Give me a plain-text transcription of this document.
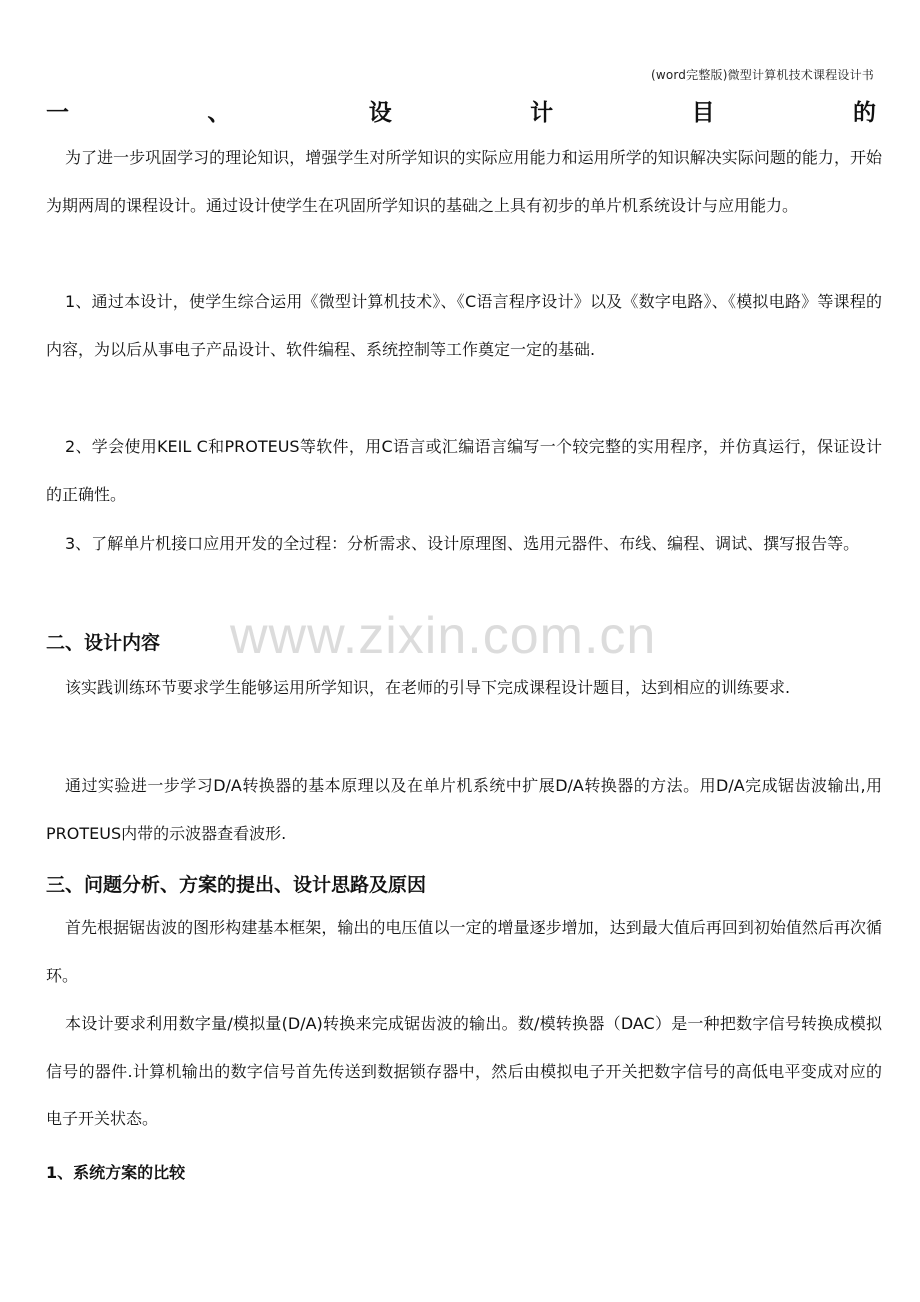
(word完整版)微型计算机技术课程设计书
一	、	设	计	目	的

为了进一步巩固学习的理论知识，增强学生对所学知识的实际应用能力和运用所学的知识解决实际问题的能力，开始为期两周的课程设计。通过设计使学生在巩固所学知识的基础之上具有初步的单片机系统设计与应用能力。

1、通过本设计，使学生综合运用《微型计算机技术》、《C语言程序设计》以及《数字电路》、《模拟电路》等课程的内容，为以后从事电子产品设计、软件编程、系统控制等工作奠定一定的基础.

2、学会使用KEIL C和PROTEUS等软件，用C语言或汇编语言编写一个较完整的实用程序，并仿真运行，保证设计的正确性。

3、了解单片机接口应用开发的全过程：分析需求、设计原理图、选用元器件、布线、编程、调试、撰写报告等。

www.zixin.com.cn
二、设计内容

该实践训练环节要求学生能够运用所学知识，在老师的引导下完成课程设计题目，达到相应的训练要求.

通过实验进一步学习D/A转换器的基本原理以及在单片机系统中扩展D/A转换器的方法。用D/A完成锯齿波输出,用PROTEUS内带的示波器查看波形.

三、问题分析、方案的提出、设计思路及原因

首先根据锯齿波的图形构建基本框架，输出的电压值以一定的增量逐步增加，达到最大值后再回到初始值然后再次循环。

本设计要求利用数字量/模拟量(D/A)转换来完成锯齿波的输出。数/模转换器（DAC）是一种把数字信号转换成模拟信号的器件.计算机输出的数字信号首先传送到数据锁存器中，然后由模拟电子开关把数字信号的高低电平变成对应的电子开关状态。

1、系统方案的比较
